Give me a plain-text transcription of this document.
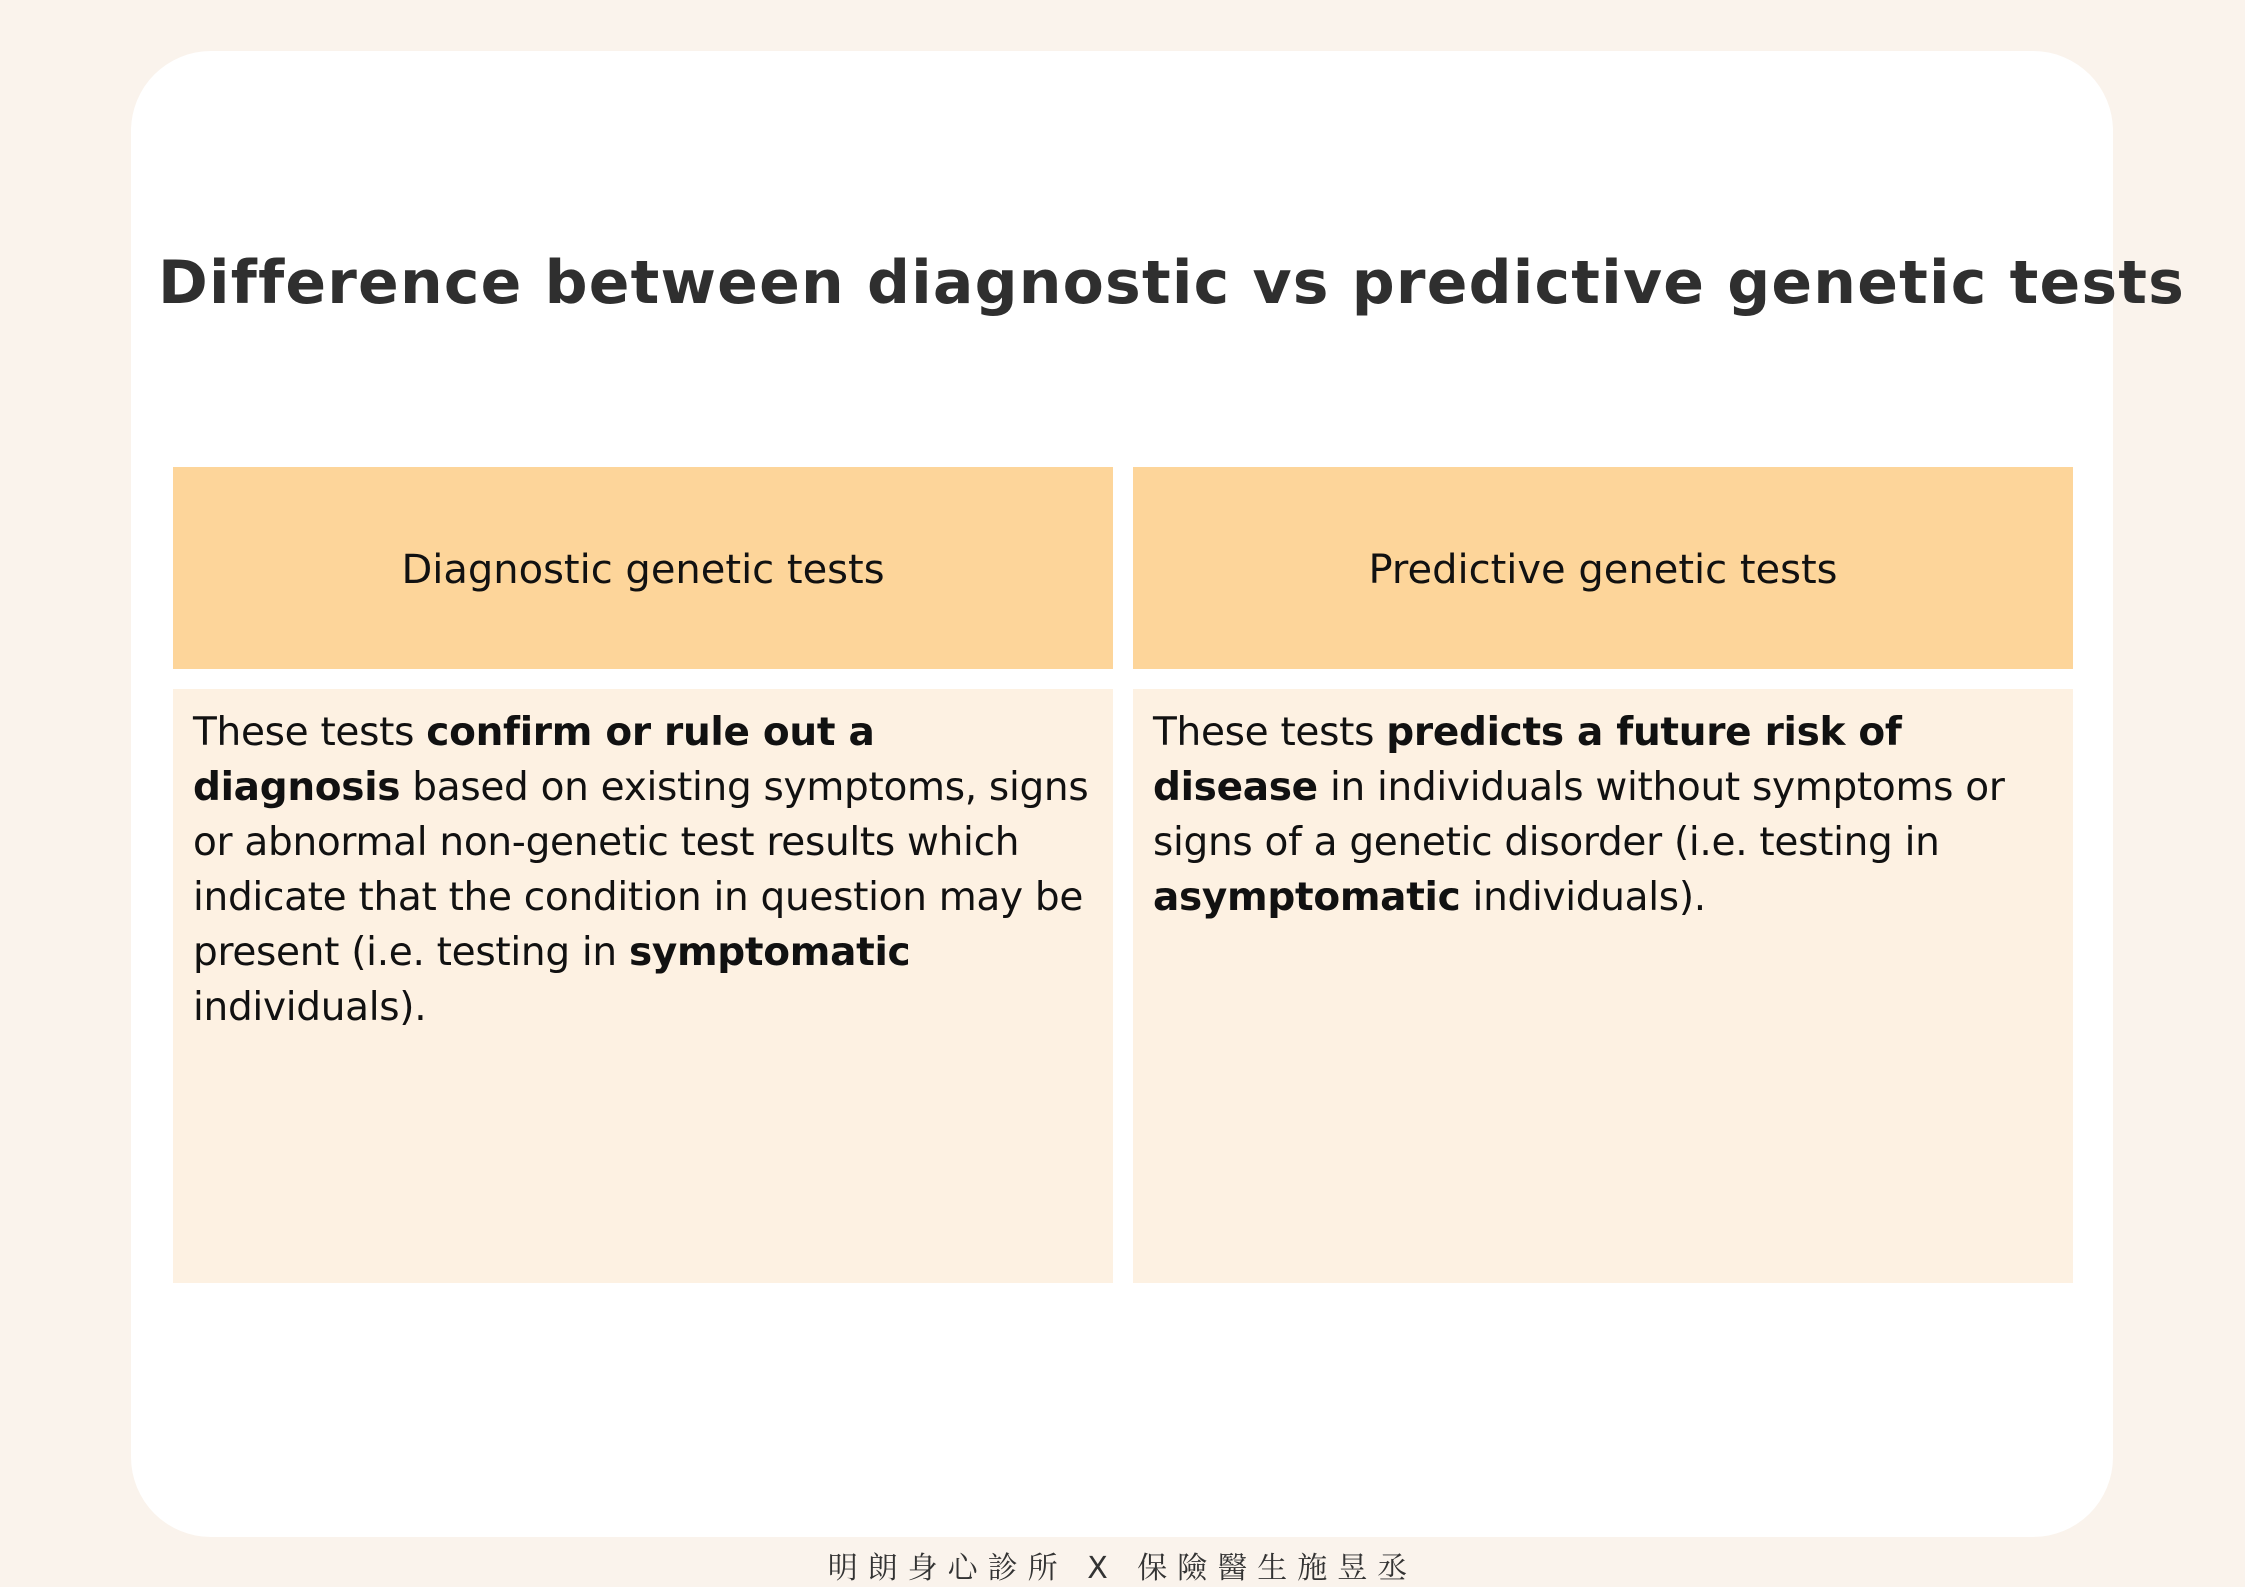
Difference between diagnostic vs predictive genetic tests
Diagnostic genetic tests
These tests confirm or rule out a diagnosis based on existing symptoms, signs or abnormal non-genetic test results which indicate that the condition in question may be present (i.e. testing in symptomatic individuals).
Predictive genetic tests
These tests predicts a future risk of disease in individuals without symptoms or signs of a genetic disorder (i.e. testing in asymptomatic individuals).
明朗身心診所 X 保險醫生施昱丞
